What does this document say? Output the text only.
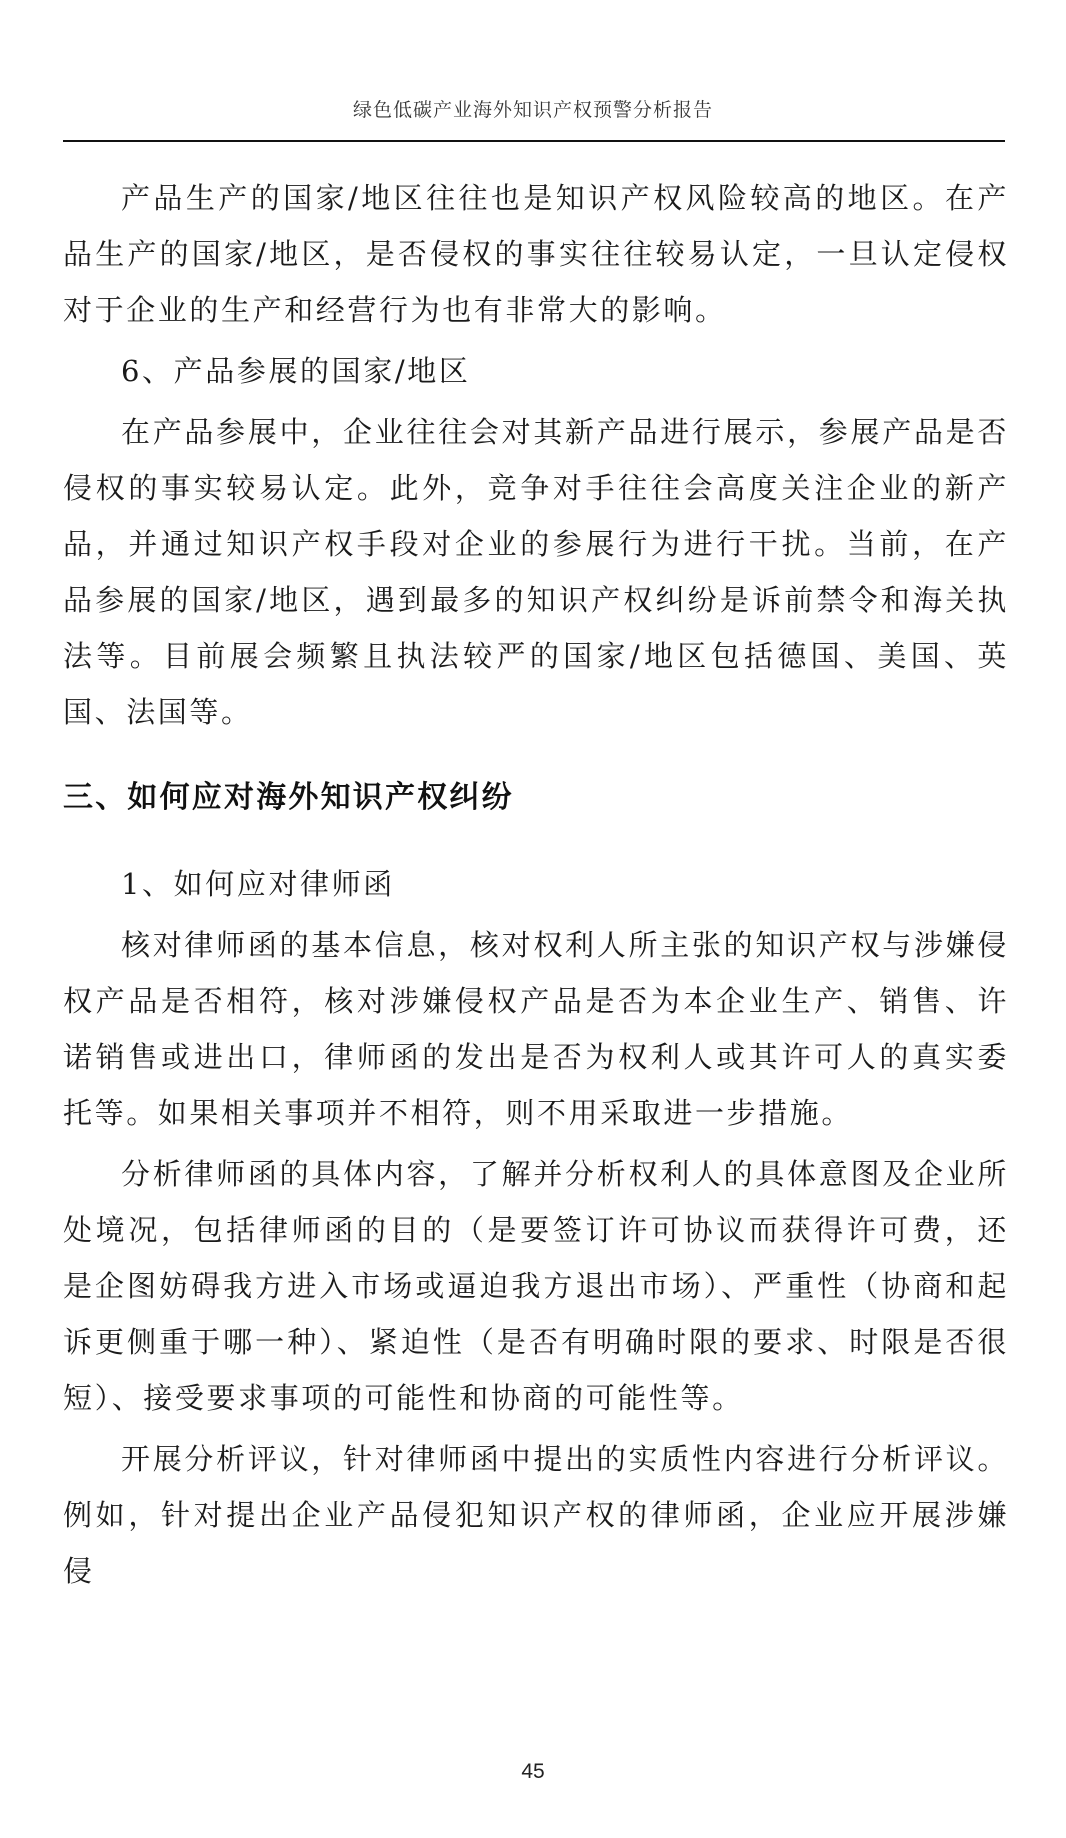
绿色低碳产业海外知识产权预警分析报告

产品生产的国家/地区往往也是知识产权风险较高的地区。在产品生产的国家/地区，是否侵权的事实往往较易认定，一旦认定侵权对于企业的生产和经营行为也有非常大的影响。

6、产品参展的国家/地区

在产品参展中，企业往往会对其新产品进行展示，参展产品是否侵权的事实较易认定。此外，竞争对手往往会高度关注企业的新产品，并通过知识产权手段对企业的参展行为进行干扰。当前，在产品参展的国家/地区，遇到最多的知识产权纠纷是诉前禁令和海关执法等。目前展会频繁且执法较严的国家/地区包括德国、美国、英国、法国等。

三、如何应对海外知识产权纠纷

1、如何应对律师函

核对律师函的基本信息，核对权利人所主张的知识产权与涉嫌侵权产品是否相符，核对涉嫌侵权产品是否为本企业生产、销售、许诺销售或进出口，律师函的发出是否为权利人或其许可人的真实委托等。如果相关事项并不相符，则不用采取进一步措施。

分析律师函的具体内容，了解并分析权利人的具体意图及企业所处境况，包括律师函的目的（是要签订许可协议而获得许可费，还是企图妨碍我方进入市场或逼迫我方退出市场）、严重性（协商和起诉更侧重于哪一种）、紧迫性（是否有明确时限的要求、时限是否很短）、接受要求事项的可能性和协商的可能性等。

开展分析评议，针对律师函中提出的实质性内容进行分析评议。例如，针对提出企业产品侵犯知识产权的律师函，企业应开展涉嫌侵

45
